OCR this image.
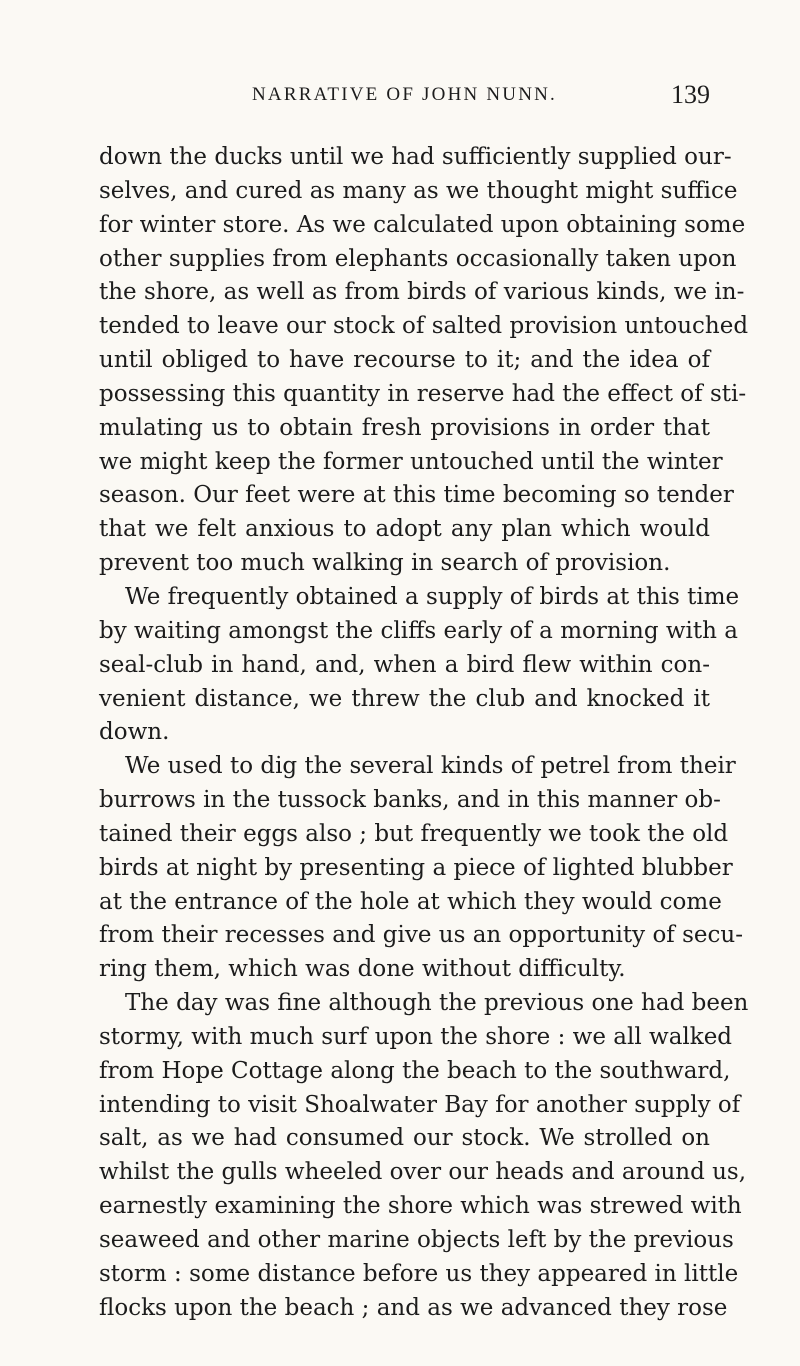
NARRATIVE OF JOHN NUNN.	139
down the ducks until we had sufficiently supplied our-
selves, and cured as many as we thought might suffice
for winter store. As we calculated upon obtaining some
other supplies from elephants occasionally taken upon
the shore, as well as from birds of various kinds, we in-
tended to leave our stock of salted provision untouched
until obliged to have recourse to it; and the idea of
possessing this quantity in reserve had the effect of sti-
mulating us to obtain fresh provisions in order that
we might keep the former untouched until the winter
season. Our feet were at this time becoming so tender
that we felt anxious to adopt any plan which would
prevent too much walking in search of provision.
We frequently obtained a supply of birds at this time
by waiting amongst the cliffs early of a morning with a
seal-club in hand, and, when a bird flew within con-
venient distance, we threw the club and knocked it
down.
We used to dig the several kinds of petrel from their
burrows in the tussock banks, and in this manner ob-
tained their eggs also ; but frequently we took the old
birds at night by presenting a piece of lighted blubber
at the entrance of the hole at which they would come
from their recesses and give us an opportunity of secu-
ring them, which was done without difficulty.
The day was fine although the previous one had been
stormy, with much surf upon the shore : we all walked
from Hope Cottage along the beach to the southward,
intending to visit Shoalwater Bay for another supply of
salt, as we had consumed our stock. We strolled on
whilst the gulls wheeled over our heads and around us,
earnestly examining the shore which was strewed with
seaweed and other marine objects left by the previous
storm : some distance before us they appeared in little
flocks upon the beach ; and as we advanced they rose
